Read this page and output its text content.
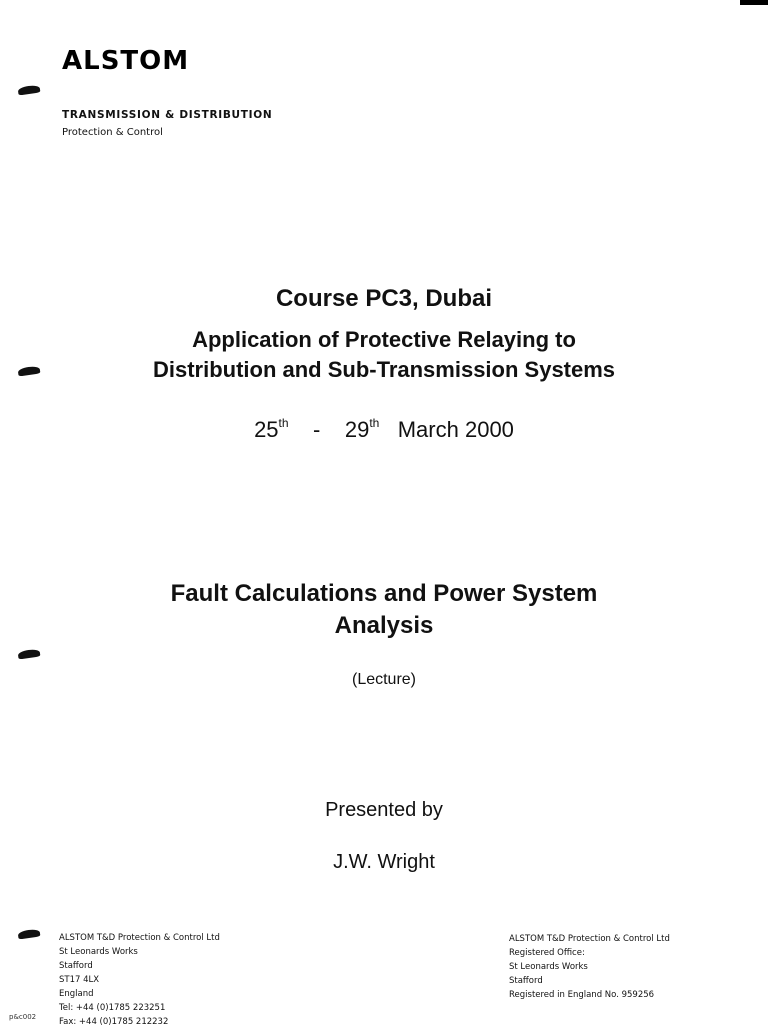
ALSTOM
TRANSMISSION & DISTRIBUTION
Protection & Control
Course PC3, Dubai
Application of Protective Relaying to
Distribution and Sub-Transmission Systems
25th - 29th March 2000
Fault Calculations and Power System
Analysis
(Lecture)
Presented by
J.W. Wright
ALSTOM T&D Protection & Control Ltd
St Leonards Works
Stafford
ST17 4LX
England
Tel: +44 (0)1785 223251
Fax: +44 (0)1785 212232
ALSTOM T&D Protection & Control Ltd
Registered Office:
St Leonards Works
Stafford
Registered in England No. 959256
p&c002
